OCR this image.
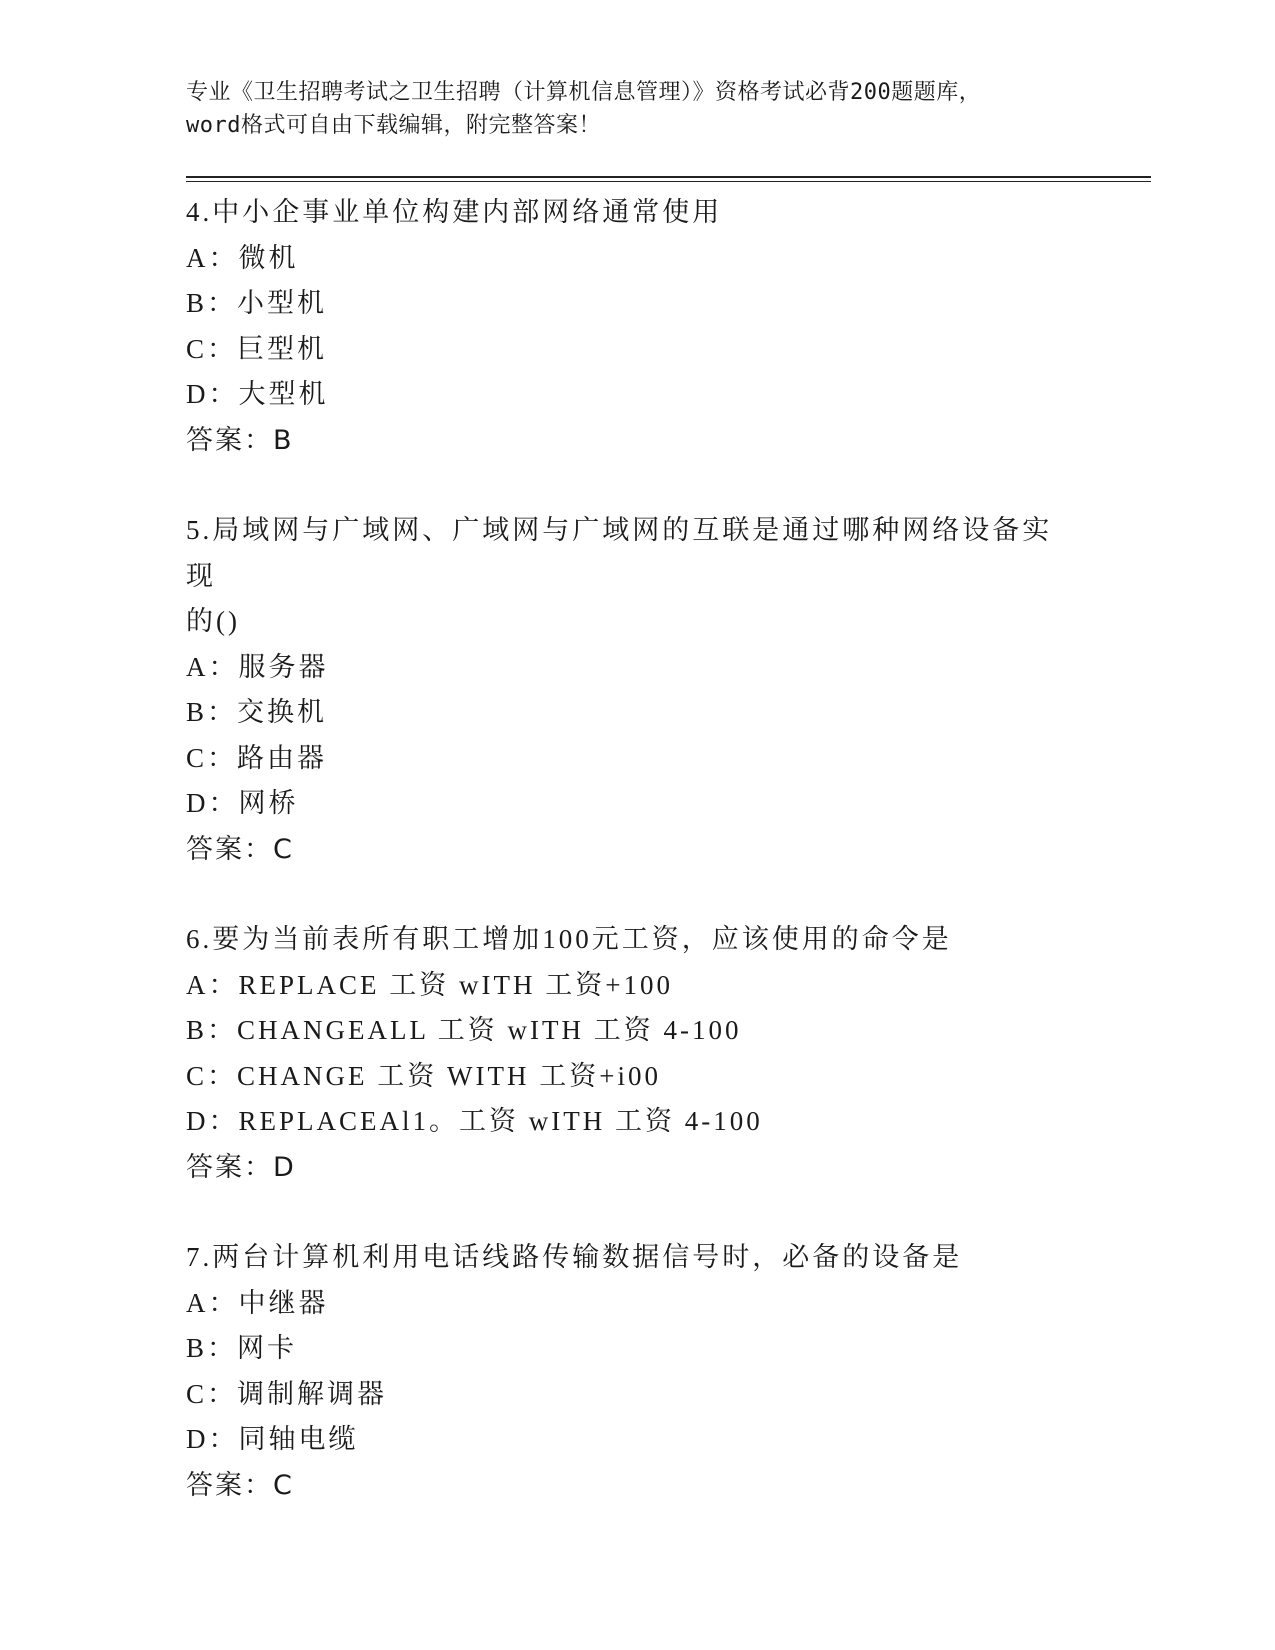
专业《卫生招聘考试之卫生招聘（计算机信息管理）》资格考试必背200题题库，
word格式可自由下载编辑，附完整答案！
4.中小企事业单位构建内部网络通常使用
A：微机
B：小型机
C：巨型机
D：大型机
答案：B
5.局域网与广域网、广域网与广域网的互联是通过哪种网络设备实现
的()
A：服务器
B：交换机
C：路由器
D：网桥
答案：C
6.要为当前表所有职工增加100元工资，应该使用的命令是
A：REPLACE 工资 wITH 工资+100
B：CHANGEALL 工资 wITH 工资 4-100
C：CHANGE 工资 WITH 工资+i00
D：REPLACEAl1。工资 wITH 工资 4-100
答案：D
7.两台计算机利用电话线路传输数据信号时，必备的设备是
A：中继器
B：网卡
C：调制解调器
D：同轴电缆
答案：C
